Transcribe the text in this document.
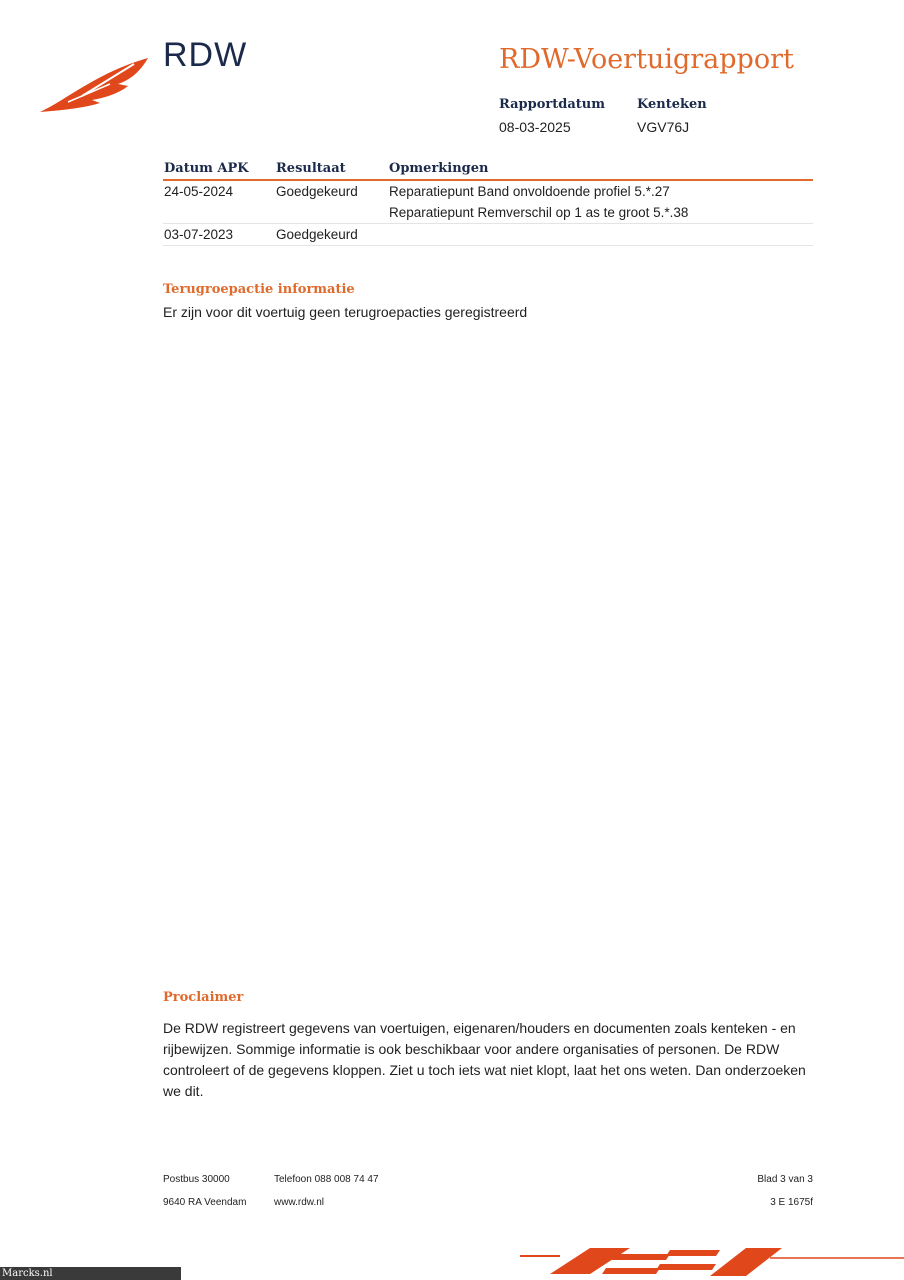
RDW	RDW-Voertuigrapport
Rapportdatum
08-03-2025
Kenteken
VGV76J
Datum APK	Resultaat	Opmerkingen
24-05-2024	Goedgekeurd	Reparatiepunt Band onvoldoende profiel 5.*.27
		Reparatiepunt Remverschil op 1 as te groot 5.*.38
03-07-2023	Goedgekeurd	
Terugroepactie informatie
Er zijn voor dit voertuig geen terugroepacties geregistreerd
Proclaimer
De RDW registreert gegevens van voertuigen, eigenaren/houders en documenten zoals kenteken - en
rijbewijzen. Sommige informatie is ook beschikbaar voor andere organisaties of personen. De RDW
controleert of de gegevens kloppen. Ziet u toch iets wat niet klopt, laat het ons weten. Dan onderzoeken
we dit.
Postbus 30000
9640 RA Veendam
Telefoon 088 008 74 47
www.rdw.nl
Blad 3 van 3
3 E 1675f
Marcks.nl
